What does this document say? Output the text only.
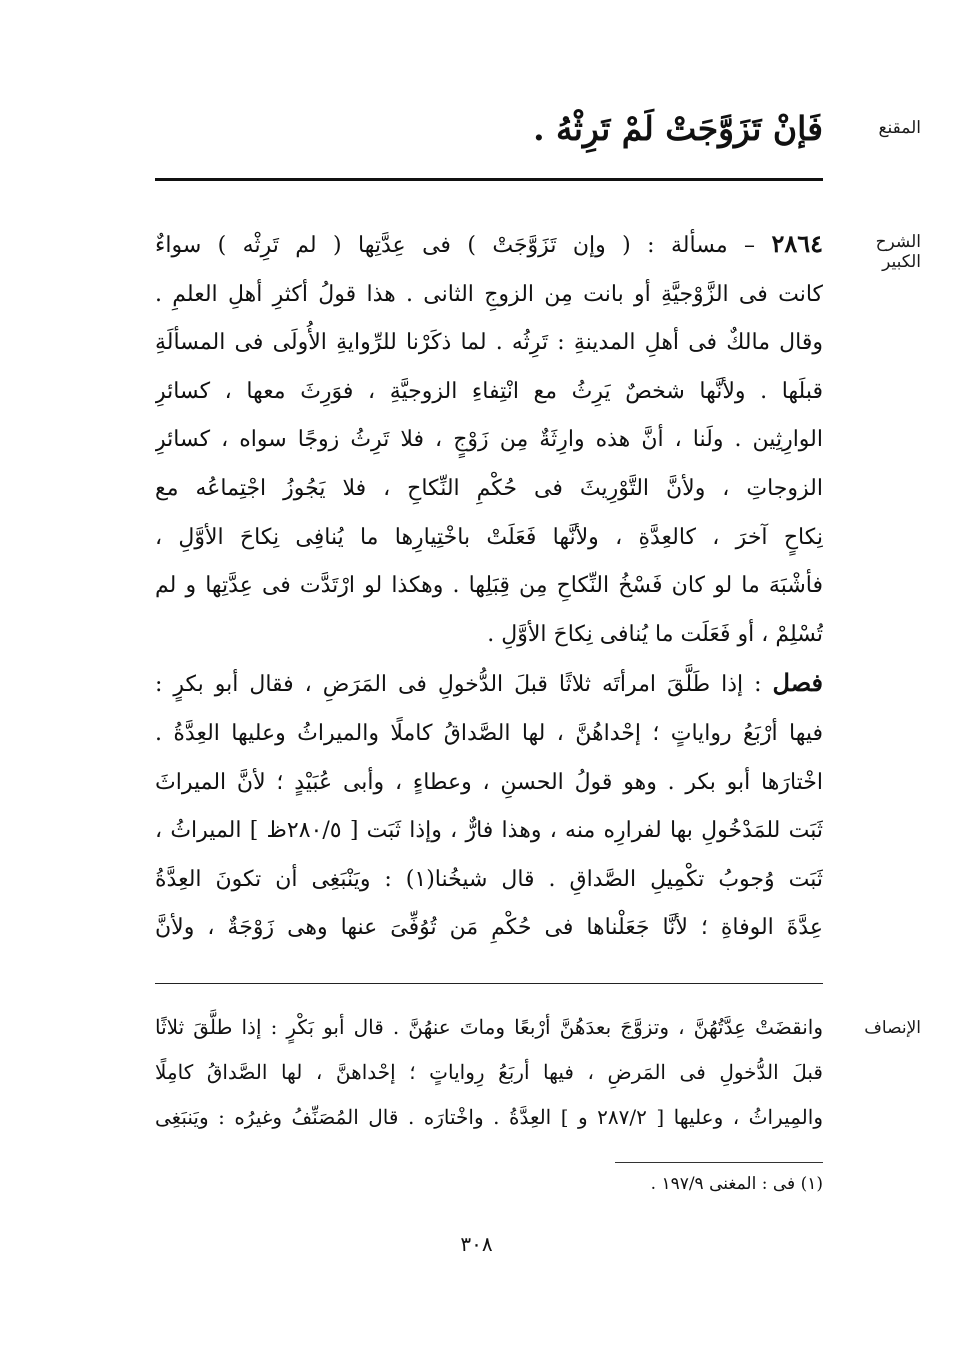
المقنع
فَإنْ تَزَوَّجَتْ لَمْ تَرِثْهُ .
الشرح الكبير
٢٨٦٤ – مسألة : ( وإن تَزَوَّجَتْ ) فى عِدَّتِها ( لم تَرِثْه ) سواءٌ
كانت فى الزَّوْجيَّةِ أو بانت مِن الزوجِ الثانى . هذا قولُ أكثرِ أهلِ العلمِ .
وقال مالكٌ فى أهلِ المدينةِ : تَرِثُه . لما ذكَرْنا للرِّوايةِ الأُولَى فى المسألَةِ
قبلَها . ولأنَّها شخصٌ يَرِثُ مع انْتِفاءِ الزوجيَّةِ ، فوَرِثَ معها ، كسائرِ
الوارِثِين . ولَنا ، أنَّ هذه وارِثَةٌ مِن زَوْجٍ ، فلا تَرِثُ زوجًا سواه ، كسائرِ
الزوجاتِ ، ولأنَّ التَّوْرِيثَ فى حُكْمِ النِّكاحِ ، فلا يَجُوزُ اجْتِماعُه مع
نِكاحٍ آخرَ ، كالعِدَّةِ ، ولأنَّها فَعَلَتْ باخْتِيارِها ما يُنافِى نِكاحَ الأوَّلِ ،
فأشْبَهَ ما لو كان فَسْخُ النِّكاحِ مِن قِبَلِها . وهكذا لو ارْتَدَّت فى عِدَّتِها و لم
تُسْلِمْ ، أو فَعَلَت ما يُنافى نِكاحَ الأوَّلِ .
فصل : إذا طَلَّقَ امرأتَه ثلاثًا قبلَ الدُّخولِ فى المَرَضِ ، فقال أبو بكرٍ :
فيها أرْبَعُ رواياتٍ ؛ إحْداهُنَّ ، لها الصَّداقُ كاملًا والميراثُ وعليها العِدَّةُ .
اخْتارَها أبو بكر . وهو قولُ الحسنِ ، وعطاءٍ ، وأبى عُبَيْدٍ ؛ لأنَّ الميراثَ
ثَبَت للمَدْخُولِ بها لفرارِه منه ، وهذا فارٌّ ، وإذا ثَبَت [ ٢٨٠/٥ظ ] الميراثُ ،
ثَبَت وُجوبُ تكْمِيلِ الصَّداقِ . قال شيخُنا(١) : ويَنْبَغِى أن تكونَ العِدَّةُ
عِدَّةَ الوفاةِ ؛ لأنَّا جَعَلْناها فى حُكْمِ مَن تُوُفِّىَ عنها وهى زَوْجَةٌ ، ولأنَّ
الإنصاف
وانقضَتْ عِدَّتُهُنَّ ، وتزوَّجَ بعدَهُنَّ أرْبعًا وماتَ عنهُنَّ . قال أبو بَكْرٍ : إذا طلَّقَ ثلاثًا
قبلَ الدُّخولِ فى المَرضِ ، فيها أربَعُ رِواياتٍ ؛ إحْداهنَّ ، لها الصَّداقُ كامِلًا
والمِيراثُ ، وعليها [ ٢٨٧/٢ و ] العِدَّةُ . واخْتارَه . قال المُصَنِّفُ وغيرُه : ويَنبَغِى
(١) فى : المغنى ١٩٧/٩ .
٣٠٨
